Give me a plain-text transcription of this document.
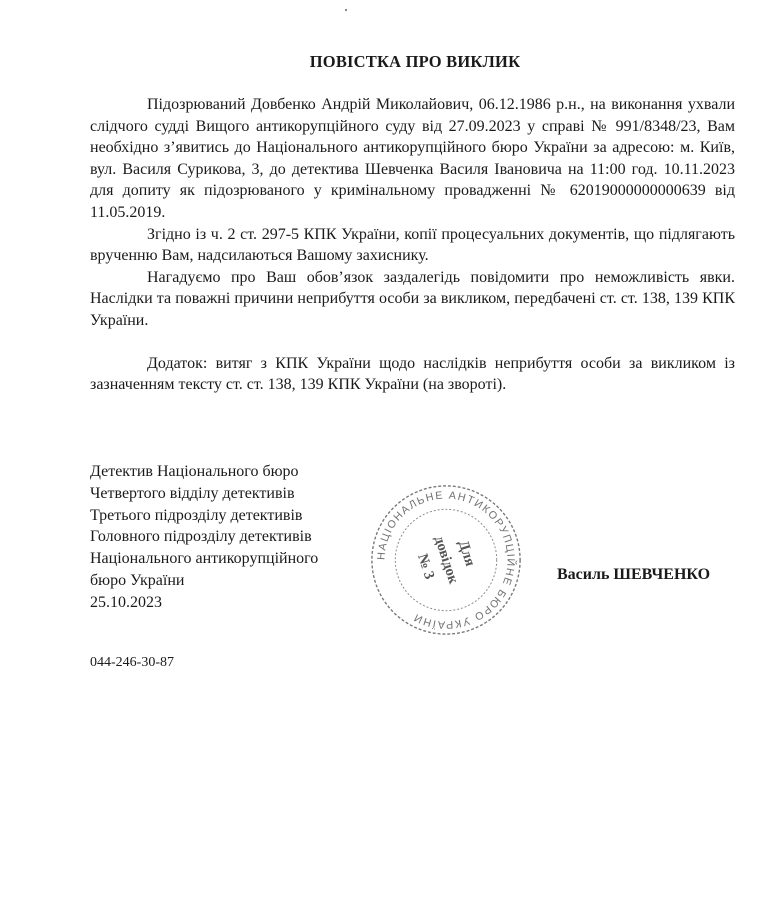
ПОВІСТКА ПРО ВИКЛИК

Підозрюваний Довбенко Андрій Миколайович, 06.12.1986 р.н., на виконання ухвали слідчого судді Вищого антикорупційного суду від 27.09.2023 у справі № 991/8348/23, Вам необхідно з’явитись до Національного антикорупційного бюро України за адресою: м. Київ, вул. Василя Сурикова, 3, до детектива Шевченка Василя Івановича на 11:00 год. 10.11.2023 для допиту як підозрюваного у кримінальному провадженні № 62019000000000639 від 11.05.2019.

Згідно із ч. 2 ст. 297-5 КПК України, копії процесуальних документів, що підлягають врученню Вам, надсилаються Вашому захиснику.

Нагадуємо про Ваш обов’язок заздалегідь повідомити про неможливість явки. Наслідки та поважні причини неприбуття особи за викликом, передбачені ст. ст. 138, 139 КПК України.

Додаток: витяг з КПК України щодо наслідків неприбуття особи за викликом із зазначенням тексту ст. ст. 138, 139 КПК України (на звороті).

Детектив Національного бюро
Четвертого відділу детективів
Третього підрозділу детективів
Головного підрозділу детективів
Національного антикорупційного
бюро України
25.10.2023
НАЦІОНАЛЬНЕ АНТИКОРУПЦІЙНЕ БЮРО УКРАЇНИ
Для
довідок
№ 3	Василь ШЕВЧЕНКО
044-246-30-87
